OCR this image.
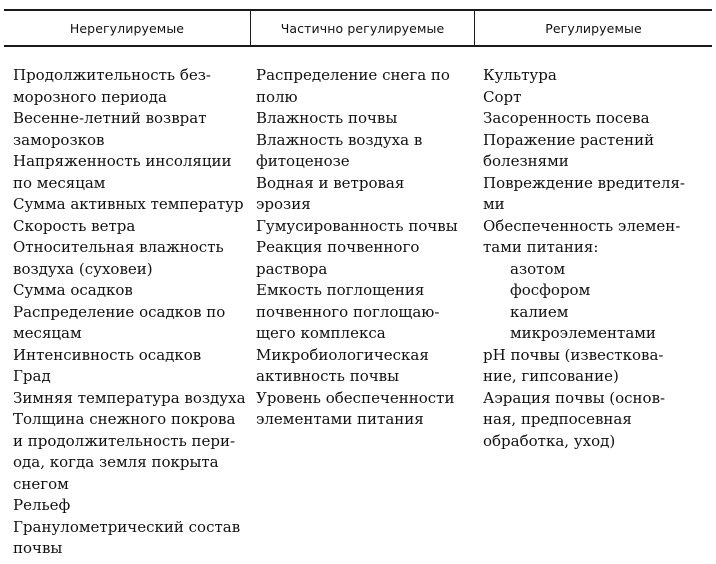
Нерегулируемые	Частично регулируемые	Регулируемые
Продолжительность без-
морозного периода
Весенне-летний возврат
заморозков
Напряженность инсоляции
по месяцам
Сумма активных температур
Скорость ветра
Относительная влажность
воздуха (суховеи)
Сумма осадков
Распределение осадков по
месяцам
Интенсивность осадков
Град
Зимняя температура воздуха
Толщина снежного покрова
и продолжительность пери-
ода, когда земля покрыта
снегом
Рельеф
Гранулометрический состав
почвы
Распределение снега по
полю
Влажность почвы
Влажность воздуха в
фитоценозе
Водная и ветровая
эрозия
Гумусированность почвы
Реакция почвенного
раствора
Емкость поглощения
почвенного поглощаю-
щего комплекса
Микробиологическая
активность почвы
Уровень обеспеченности
элементами питания
Культура
Сорт
Засоренность посева
Поражение растений
болезнями
Повреждение вредителя-
ми
Обеспеченность элемен-
тами питания:
азотом
фосфором
калием
микроэлементами
рН почвы (известкова-
ние, гипсование)
Аэрация почвы (основ-
ная, предпосевная
обработка, уход)
